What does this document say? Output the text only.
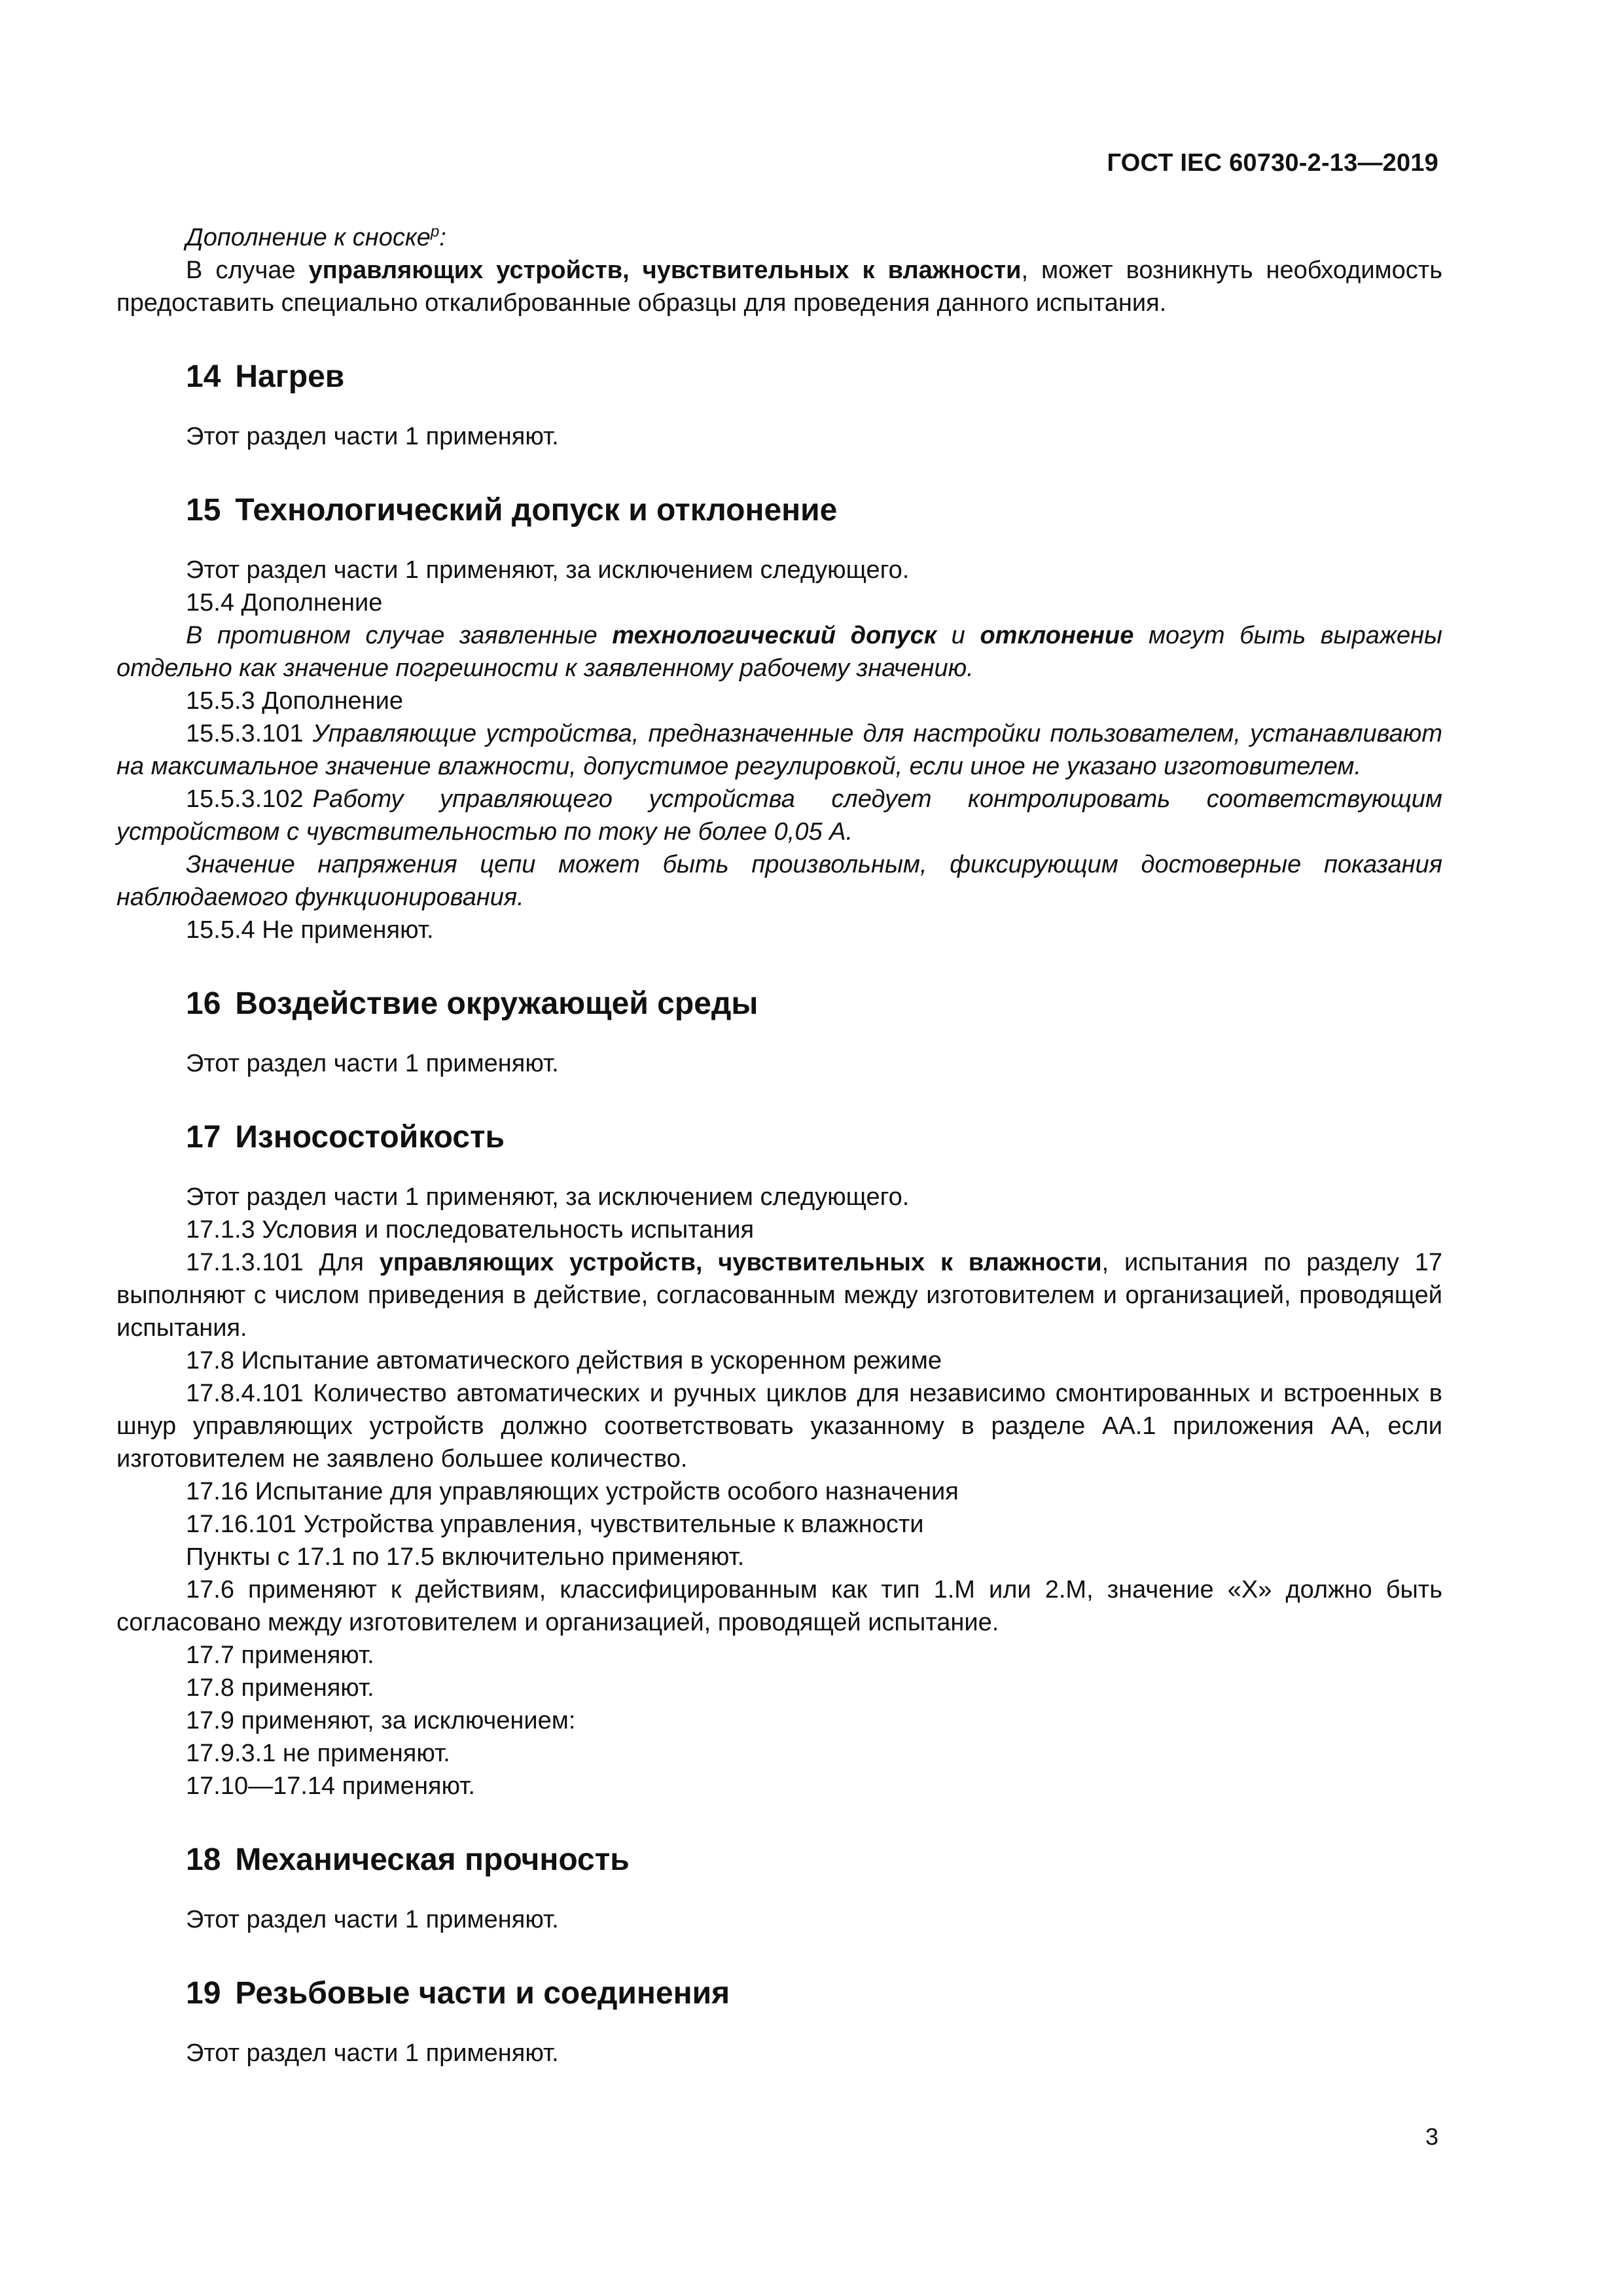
ГОСТ IEC 60730-2-13—2019

Дополнение к сноске$^p$:

В случае управляющих устройств, чувствительных к влажности, может возникнуть необходимость предоставить специально откалиброванные образцы для проведения данного испытания.

14 Нагрев

Этот раздел части 1 применяют.

15 Технологический допуск и отклонение

Этот раздел части 1 применяют, за исключением следующего.

15.4 Дополнение

В противном случае заявленные технологический допуск и отклонение могут быть выражены отдельно как значение погрешности к заявленному рабочему значению.

15.5.3 Дополнение

15.5.3.101 Управляющие устройства, предназначенные для настройки пользователем, устанавливают на максимальное значение влажности, допустимое регулировкой, если иное не указано изготовителем.

15.5.3.102 Работу управляющего устройства следует контролировать соответствующим устройством с чувствительностью по току не более 0,05 А.

Значение напряжения цепи может быть произвольным, фиксирующим достоверные показания наблюдаемого функционирования.

15.5.4 Не применяют.

16 Воздействие окружающей среды

Этот раздел части 1 применяют.

17 Износостойкость

Этот раздел части 1 применяют, за исключением следующего.

17.1.3 Условия и последовательность испытания

17.1.3.101 Для управляющих устройств, чувствительных к влажности, испытания по разделу 17 выполняют с числом приведения в действие, согласованным между изготовителем и организацией, проводящей испытания.

17.8 Испытание автоматического действия в ускоренном режиме

17.8.4.101 Количество автоматических и ручных циклов для независимо смонтированных и встроенных в шнур управляющих устройств должно соответствовать указанному в разделе АА.1 приложения АА, если изготовителем не заявлено большее количество.

17.16 Испытание для управляющих устройств особого назначения

17.16.101 Устройства управления, чувствительные к влажности

Пункты с 17.1 по 17.5 включительно применяют.

17.6 применяют к действиям, классифицированным как тип 1.М или 2.М, значение «Х» должно быть согласовано между изготовителем и организацией, проводящей испытание.

17.7 применяют.

17.8 применяют.

17.9 применяют, за исключением:

17.9.3.1 не применяют.

17.10—17.14 применяют.

18 Механическая прочность

Этот раздел части 1 применяют.

19 Резьбовые части и соединения

Этот раздел части 1 применяют.

3
